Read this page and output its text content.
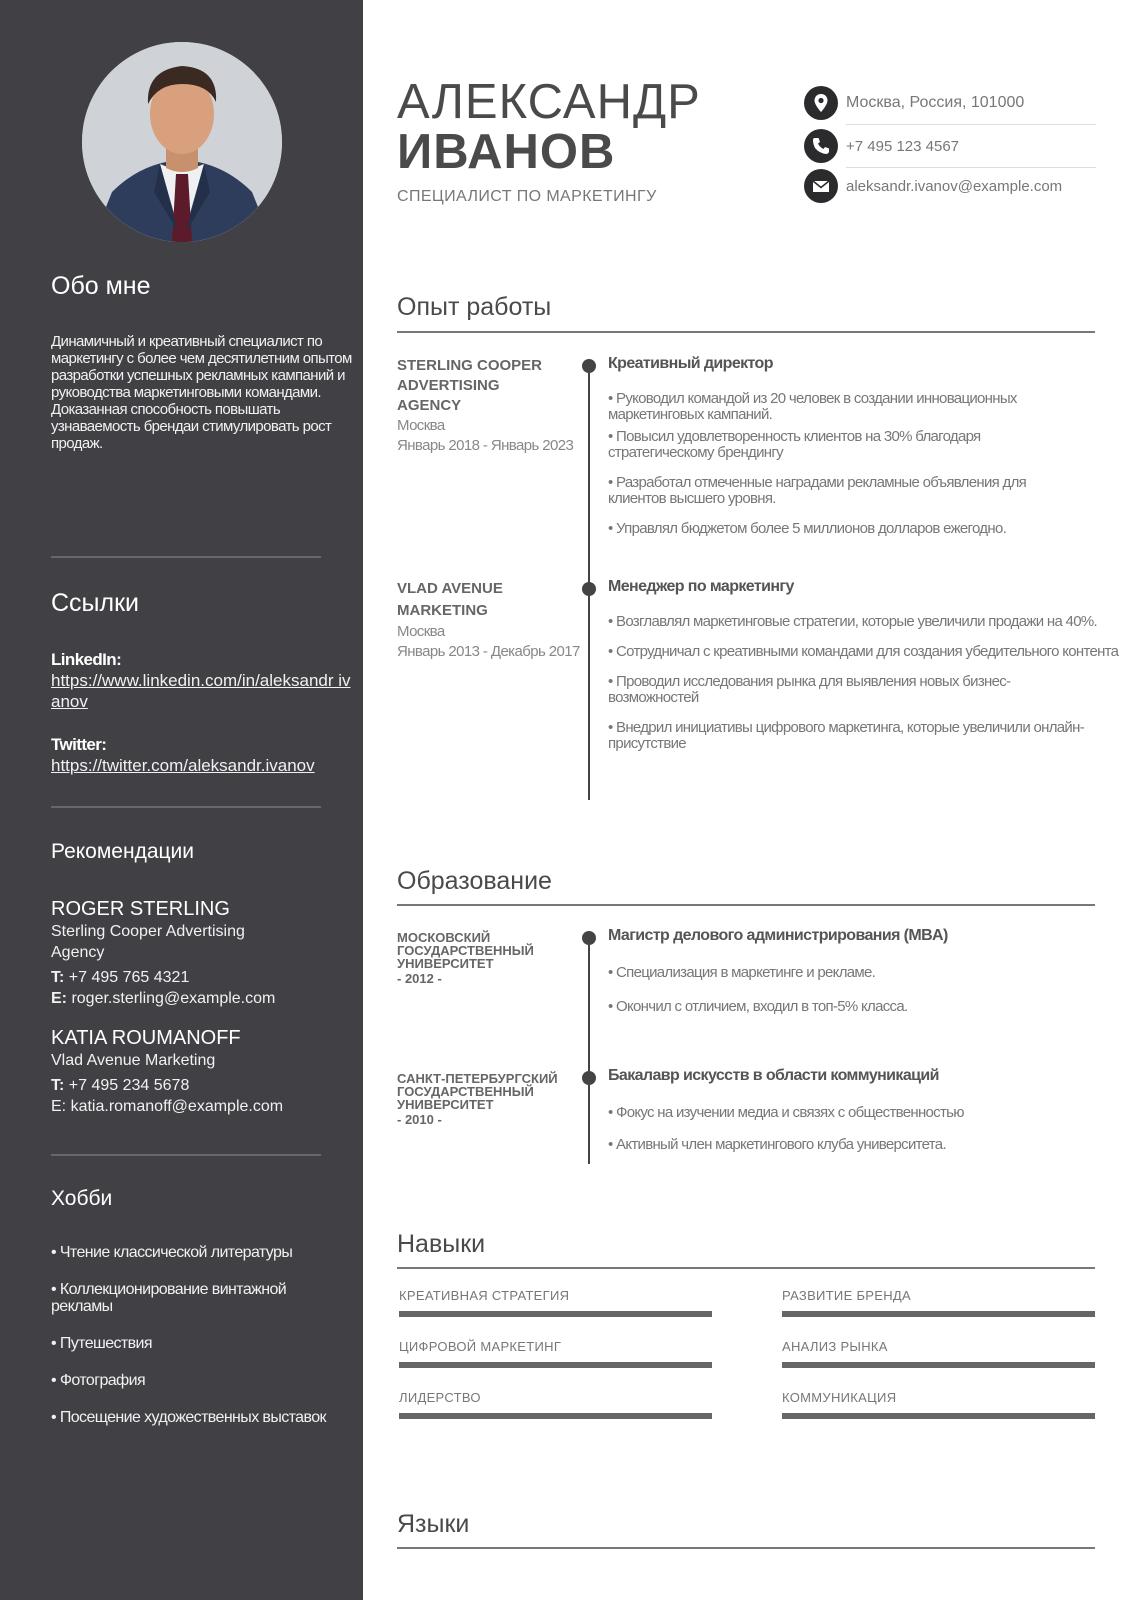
Обо мне

Динамичный и креативный специалист по маркетингу с более чем десятилетним опытом разработки успешных рекламных кампаний и руководства маркетинговыми командами. Доказанная способность повышать узнаваемость брендаи стимулировать рост продаж.

Ссылки
LinkedIn:
https://www.linkedin.com/in/aleksandr ivanov
Twitter:
https://twitter.com/aleksandr.ivanov
Рекомендации
ROGER STERLING
Sterling Cooper Advertising Agency
T: +7 495 765 4321
E: roger.sterling@example.com
KATIA ROUMANOFF
Vlad Avenue Marketing
T: +7 495 234 5678
E: katia.romanoff@example.com
Хобби
• Чтение классической литературы
• Коллекционирование винтажной рекламы
• Путешествия
• Фотография
• Посещение художественных выставок
АЛЕКСАНДР
ИВАНОВ
СПЕЦИАЛИСТ ПО МАРКЕТИНГУ
Москва, Россия, 101000
+7 495 123 4567
aleksandr.ivanov@example.com
Опыт работы
STERLING COOPER ADVERTISING AGENCY
Москва
Январь 2018 - Январь 2023
Креативный директор
• Руководил командой из 20 человек в создании инновационных маркетинговых кампаний.
• Повысил удовлетворенность клиентов на 30% благодаря стратегическому брендингу
• Разработал отмеченные наградами рекламные объявления для клиентов высшего уровня.
• Управлял бюджетом более 5 миллионов долларов ежегодно.
VLAD AVENUE MARKETING
Москва
Январь 2013 - Декабрь 2017
Менеджер по маркетингу
• Возглавлял маркетинговые стратегии, которые увеличили продажи на 40%.
• Сотрудничал с креативными командами для создания убедительного контента
• Проводил исследования рынка для выявления новых бизнес-возможностей
• Внедрил инициативы цифрового маркетинга, которые увеличили онлайн-присутствие
Образование
МОСКОВСКИЙ ГОСУДАРСТВЕННЫЙ УНИВЕРСИТЕТ
- 2012 -
Магистр делового администрирования (MBA)
• Специализация в маркетинге и рекламе.
• Окончил с отличием, входил в топ-5% класса.
САНКТ-ПЕТЕРБУРГСКИЙ ГОСУДАРСТВЕННЫЙ УНИВЕРСИТЕТ
- 2010 -
Бакалавр искусств в области коммуникаций
• Фокус на изучении медиа и связях с общественностью
• Активный член маркетингового клуба университета.
Навыки
КРЕАТИВНАЯ СТРАТЕГИЯ	РАЗВИТИЕ БРЕНДА
ЦИФРОВОЙ МАРКЕТИНГ	АНАЛИЗ РЫНКА
ЛИДЕРСТВО	КОММУНИКАЦИЯ
Языки
